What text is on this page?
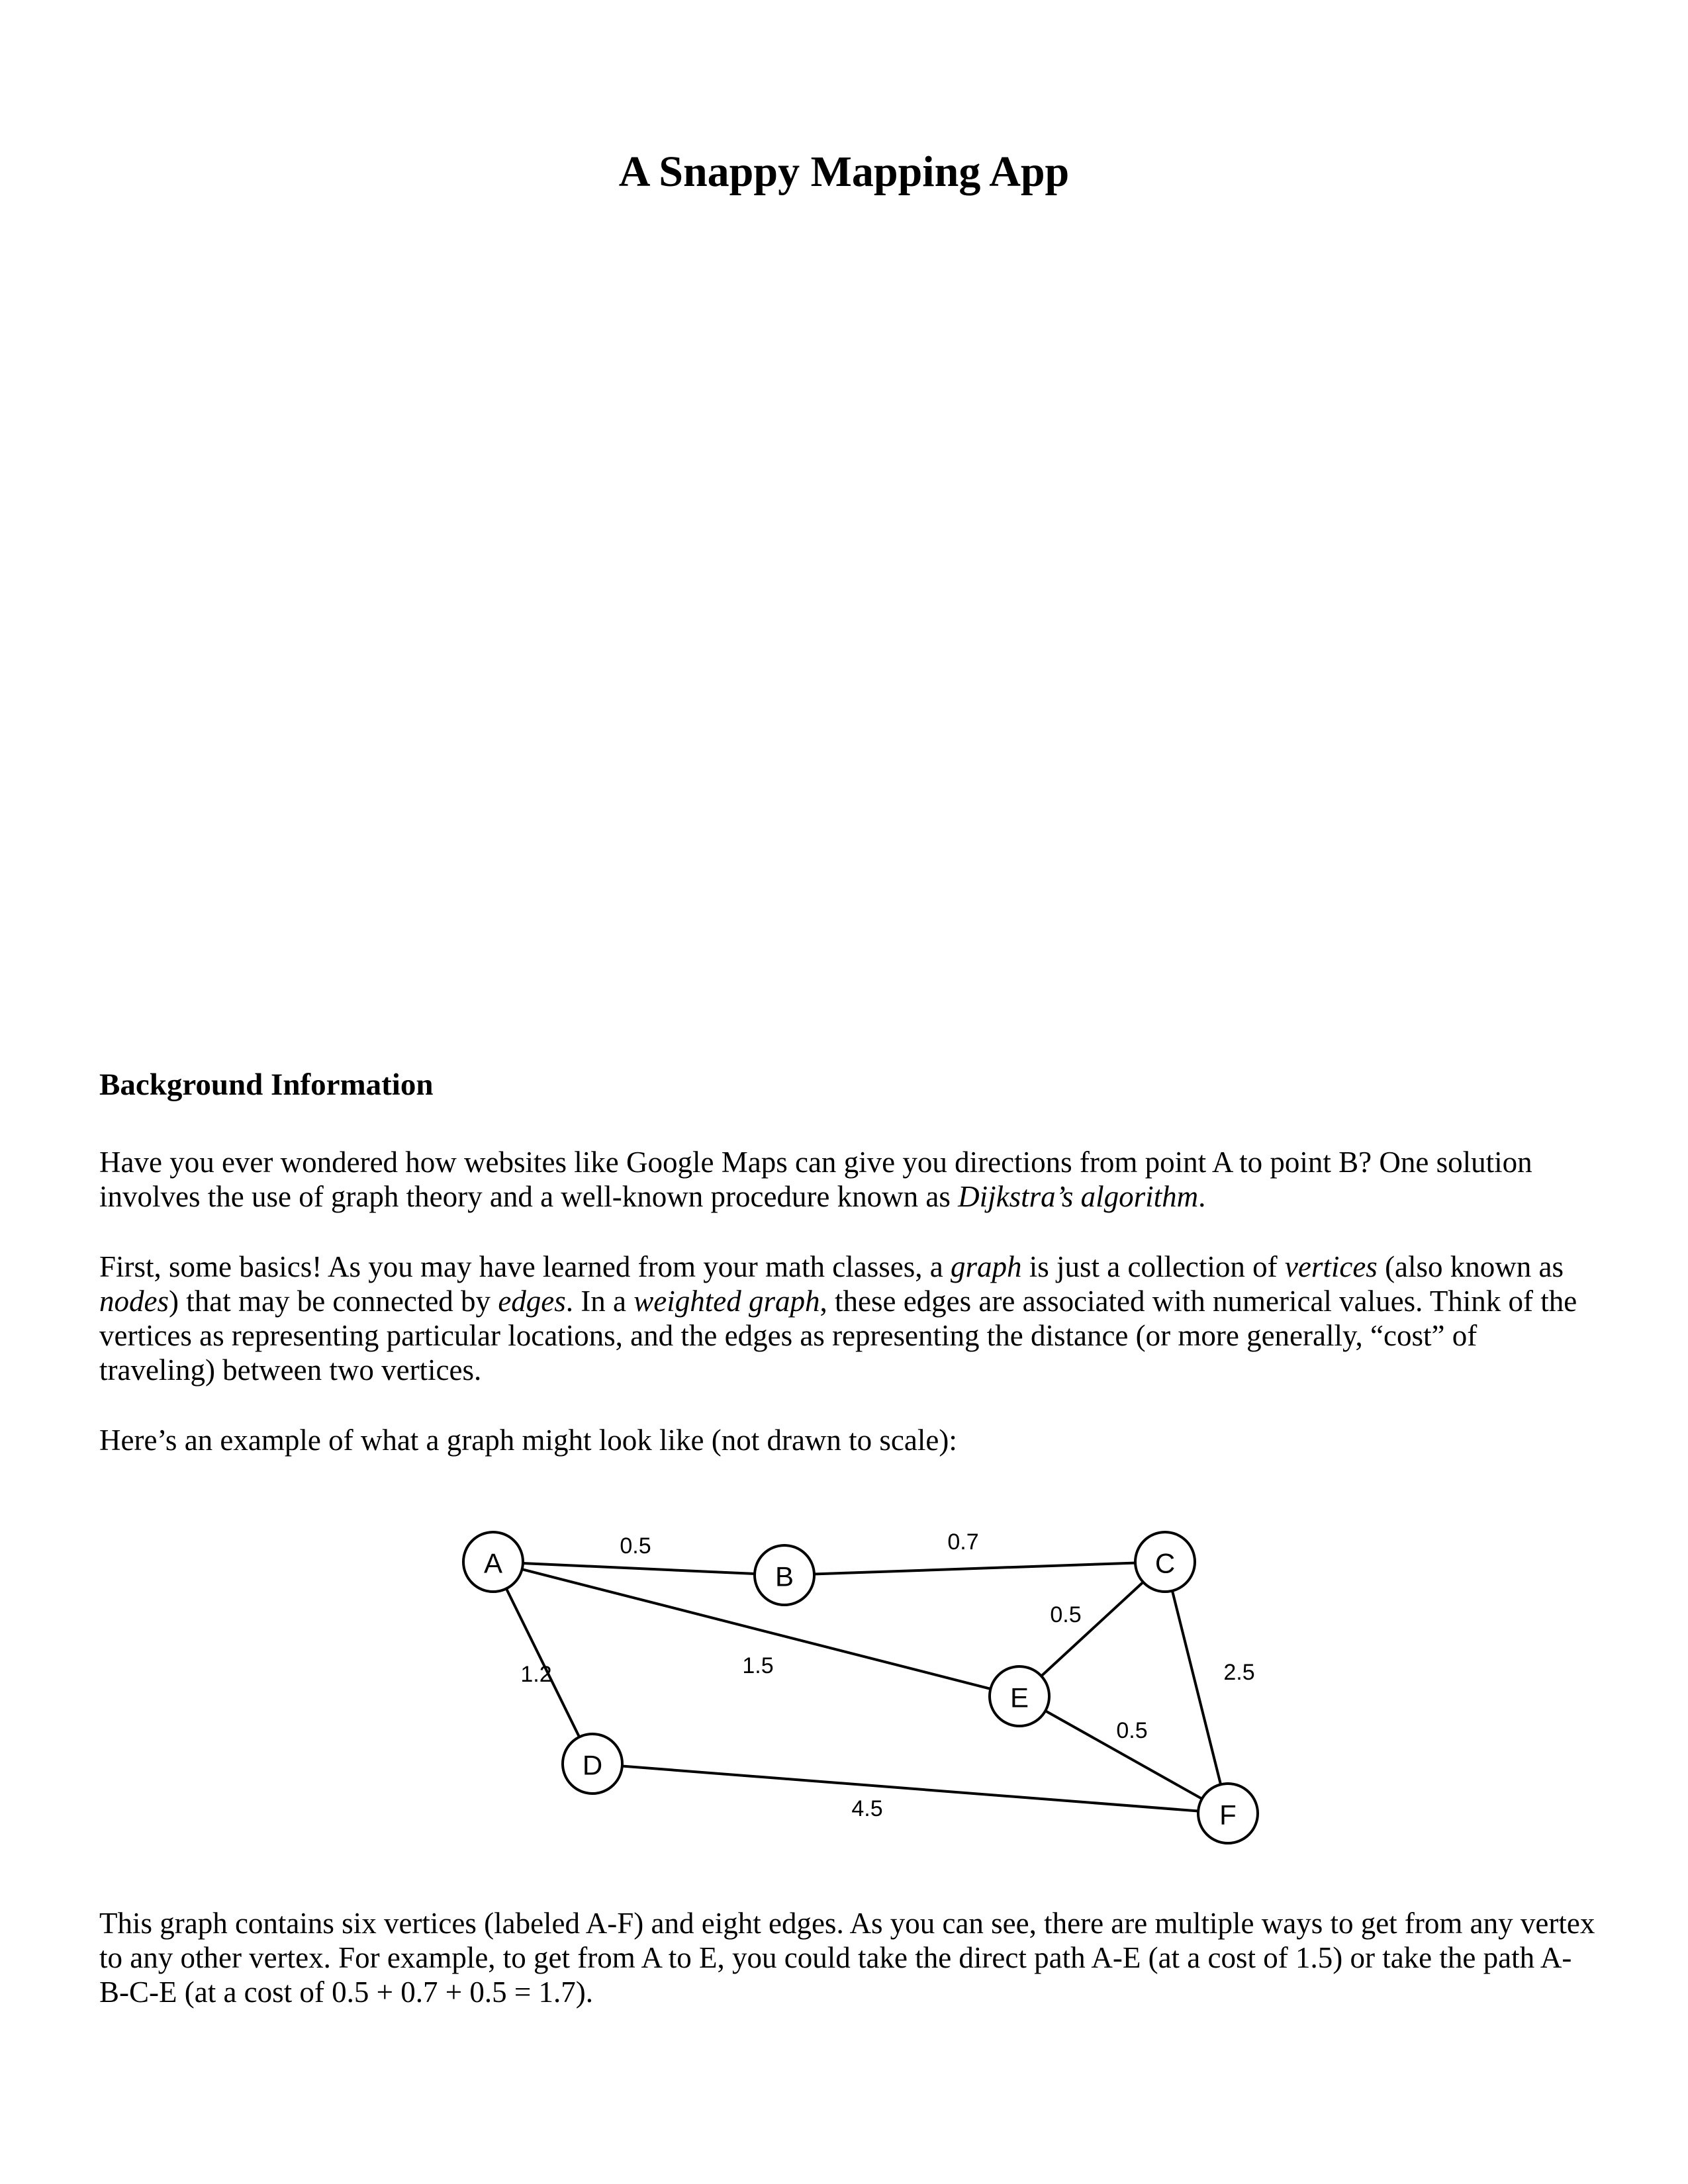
A Snappy Mapping App
Background Information

Have you ever wondered how websites like Google Maps can give you directions from point A to point B? One solution involves the use of graph theory and a well-known procedure known as Dijkstra’s algorithm.

First, some basics! As you may have learned from your math classes, a graph is just a collection of vertices (also known as nodes) that may be connected by edges. In a weighted graph, these edges are associated with numerical values. Think of the vertices as representing particular locations, and the edges as representing the distance (or more generally, “cost” of traveling) between two vertices.

Here’s an example of what a graph might look like (not drawn to scale):

0.5	0.7
0.5
1.2	1.5	2.5
0.5
4.5
A	B	C
D
E
F

This graph contains six vertices (labeled A-F) and eight edges. As you can see, there are multiple ways to get from any vertex to any other vertex. For example, to get from A to E, you could take the direct path A-E (at a cost of 1.5) or take the path A-B-C-E (at a cost of 0.5 + 0.7 + 0.5 = 1.7).
